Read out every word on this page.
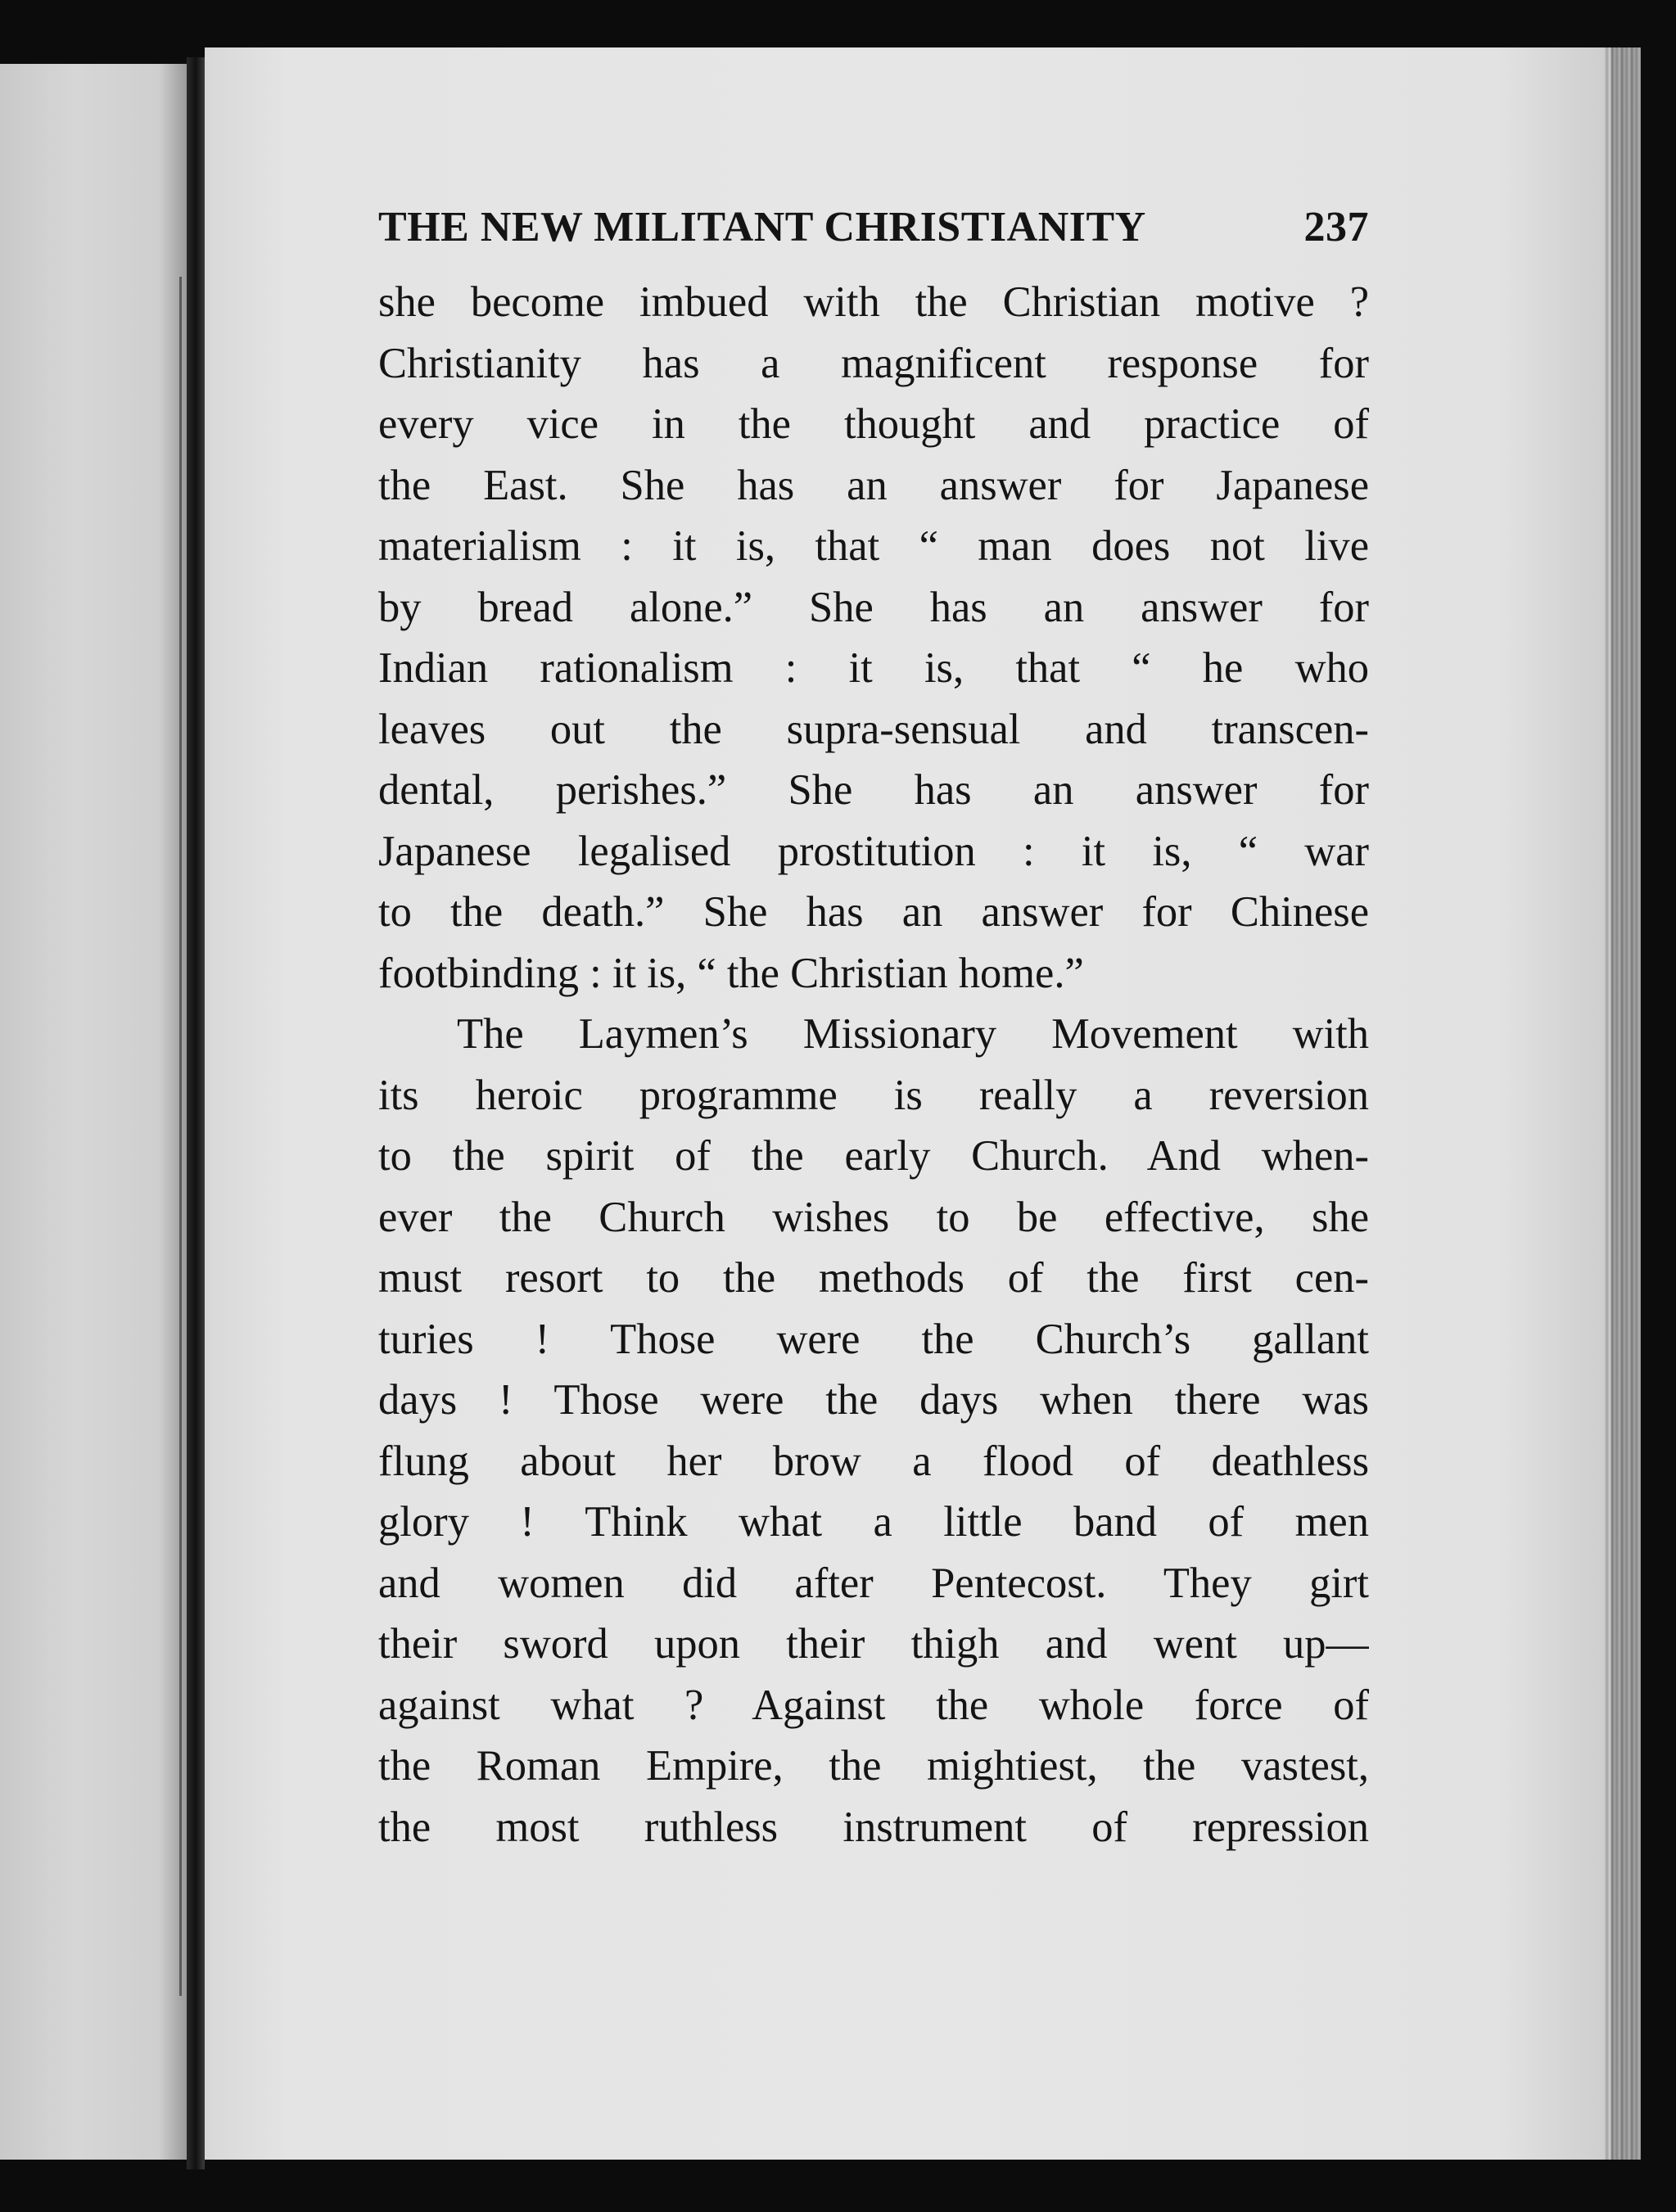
THE NEW MILITANT CHRISTIANITY	237
she become imbued with the Christian motive ?
Christianity has a magnificent response for
every vice in the thought and practice of
the East. She has an answer for Japanese
materialism : it is, that “ man does not live
by bread alone.” She has an answer for
Indian rationalism : it is, that “ he who
leaves out the supra-sensual and transcen-
dental, perishes.” She has an answer for
Japanese legalised prostitution : it is, “ war
to the death.” She has an answer for Chinese
footbinding : it is, “ the Christian home.”
The Laymen’s Missionary Movement with
its heroic programme is really a reversion
to the spirit of the early Church. And when-
ever the Church wishes to be effective, she
must resort to the methods of the first cen-
turies ! Those were the Church’s gallant
days ! Those were the days when there was
flung about her brow a flood of deathless
glory ! Think what a little band of men
and women did after Pentecost. They girt
their sword upon their thigh and went up—
against what ? Against the whole force of
the Roman Empire, the mightiest, the vastest,
the most ruthless instrument of repression
